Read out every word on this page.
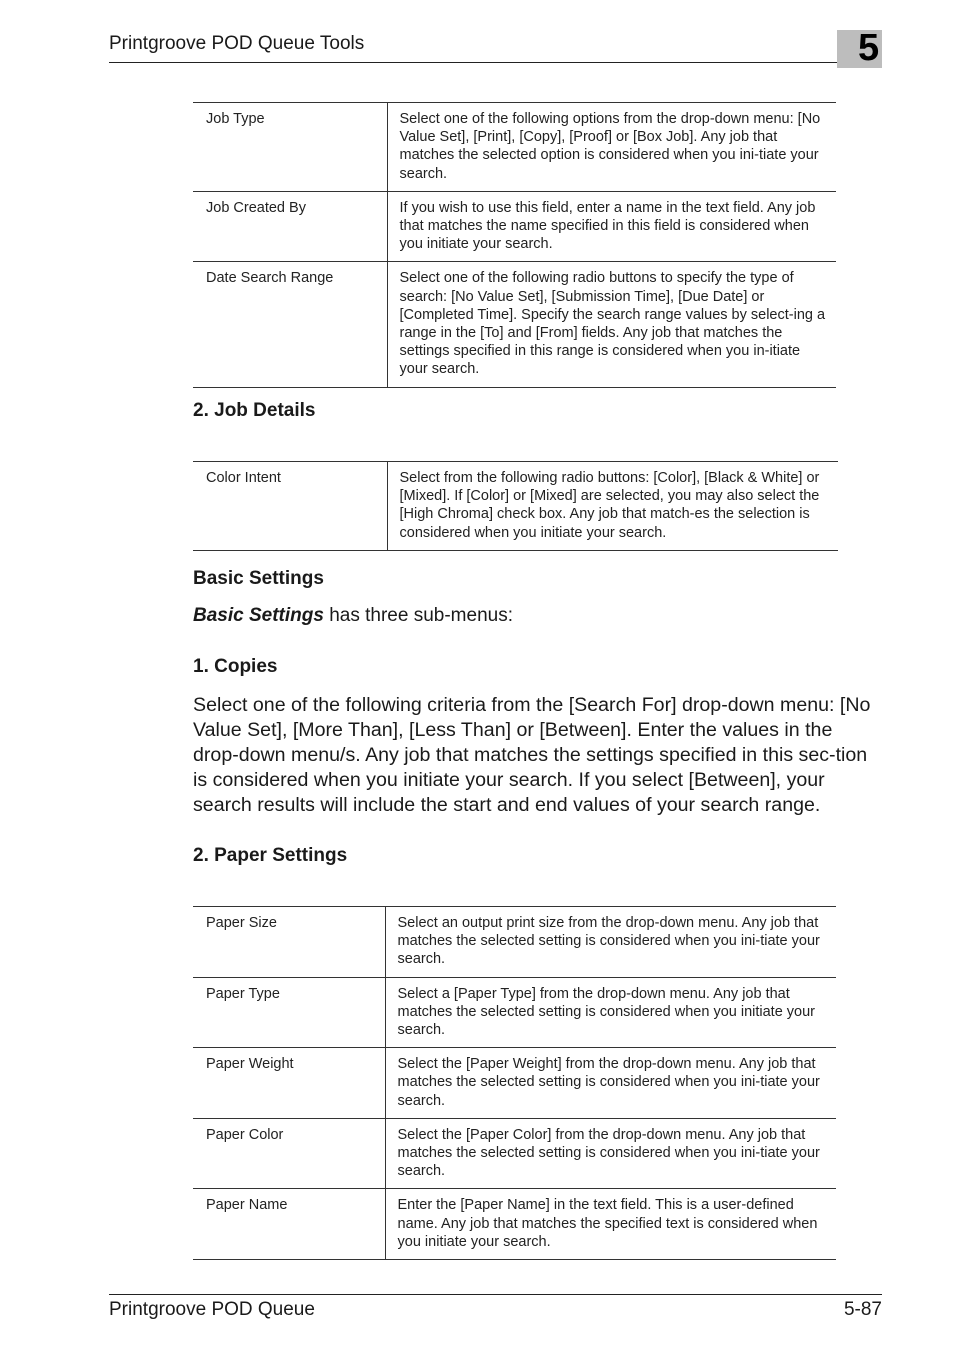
Printgroove POD Queue Tools	5
Job Type	Select one of the following options from the drop-down menu: [No Value Set], [Print], [Copy], [Proof] or [Box Job]. Any job that matches the selected option is considered when you ini-tiate your search.
Job Created By	If you wish to use this field, enter a name in the text field. Any job that matches the name specified in this field is considered when you initiate your search.
Date Search Range	Select one of the following radio buttons to specify the type of search: [No Value Set], [Submission Time], [Due Date] or [Completed Time]. Specify the search range values by select-ing a range in the [To] and [From] fields. Any job that matches the settings specified in this range is considered when you in-itiate your search.
2. Job Details
Color Intent	Select from the following radio buttons: [Color], [Black & White] or [Mixed]. If [Color] or [Mixed] are selected, you may also select the [High Chroma] check box. Any job that match-es the selection is considered when you initiate your search.
Basic Settings
Basic Settings has three sub-menus:
1. Copies
Select one of the following criteria from the [Search For] drop-down menu: [No Value Set], [More Than], [Less Than] or [Between]. Enter the values in the drop-down menu/s. Any job that matches the settings specified in this sec-tion is considered when you initiate your search. If you select [Between], your search results will include the start and end values of your search range.
2. Paper Settings
Paper Size	Select an output print size from the drop-down menu. Any job that matches the selected setting is considered when you ini-tiate your search.
Paper Type	Select a [Paper Type] from the drop-down menu. Any job that matches the selected setting is considered when you initiate your search.
Paper Weight	Select the [Paper Weight] from the drop-down menu. Any job that matches the selected setting is considered when you ini-tiate your search.
Paper Color	Select the [Paper Color] from the drop-down menu. Any job that matches the selected setting is considered when you ini-tiate your search.
Paper Name	Enter the [Paper Name] in the text field. This is a user-defined name. Any job that matches the specified text is considered when you initiate your search.
Printgroove POD Queue	5-87
